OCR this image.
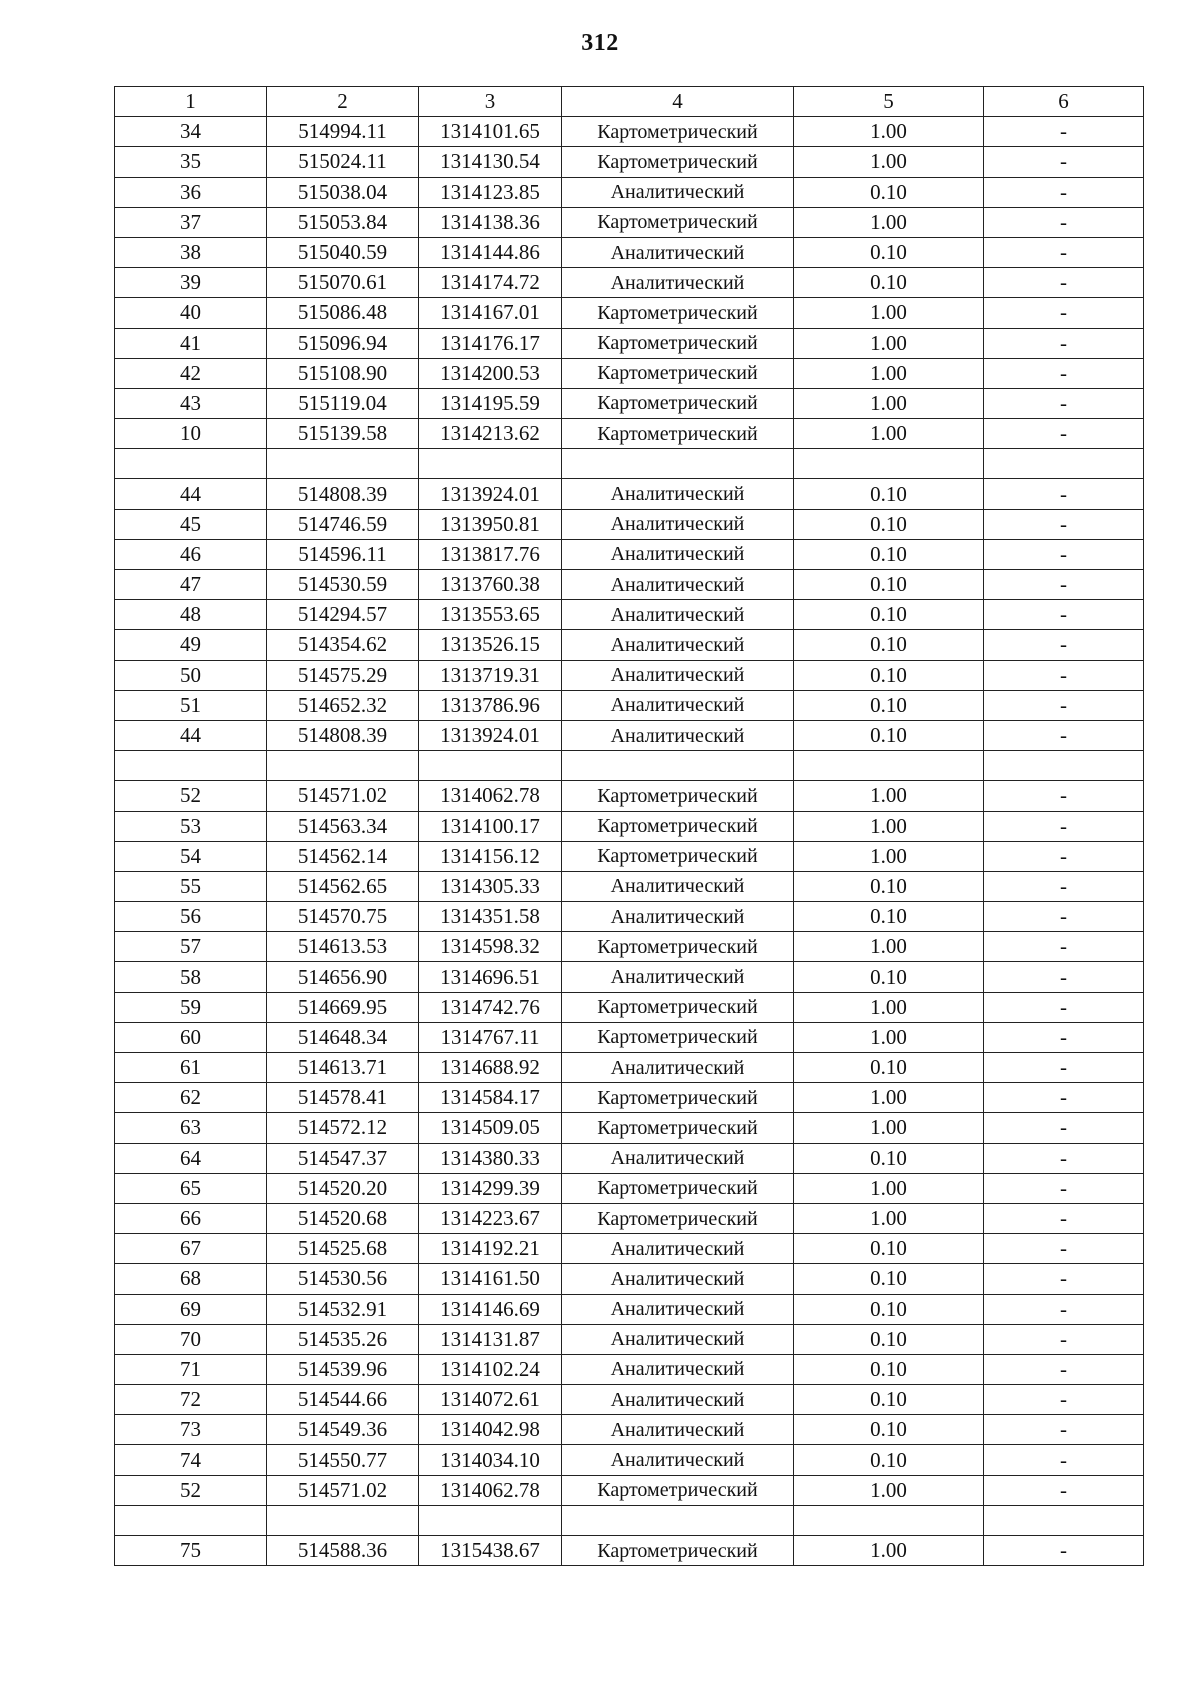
312
1	2	3	4	5	6
34	514994.11	1314101.65	Картометрический	1.00	-
35	515024.11	1314130.54	Картометрический	1.00	-
36	515038.04	1314123.85	Аналитический	0.10	-
37	515053.84	1314138.36	Картометрический	1.00	-
38	515040.59	1314144.86	Аналитический	0.10	-
39	515070.61	1314174.72	Аналитический	0.10	-
40	515086.48	1314167.01	Картометрический	1.00	-
41	515096.94	1314176.17	Картометрический	1.00	-
42	515108.90	1314200.53	Картометрический	1.00	-
43	515119.04	1314195.59	Картометрический	1.00	-
10	515139.58	1314213.62	Картометрический	1.00	-

44	514808.39	1313924.01	Аналитический	0.10	-
45	514746.59	1313950.81	Аналитический	0.10	-
46	514596.11	1313817.76	Аналитический	0.10	-
47	514530.59	1313760.38	Аналитический	0.10	-
48	514294.57	1313553.65	Аналитический	0.10	-
49	514354.62	1313526.15	Аналитический	0.10	-
50	514575.29	1313719.31	Аналитический	0.10	-
51	514652.32	1313786.96	Аналитический	0.10	-
44	514808.39	1313924.01	Аналитический	0.10	-

52	514571.02	1314062.78	Картометрический	1.00	-
53	514563.34	1314100.17	Картометрический	1.00	-
54	514562.14	1314156.12	Картометрический	1.00	-
55	514562.65	1314305.33	Аналитический	0.10	-
56	514570.75	1314351.58	Аналитический	0.10	-
57	514613.53	1314598.32	Картометрический	1.00	-
58	514656.90	1314696.51	Аналитический	0.10	-
59	514669.95	1314742.76	Картометрический	1.00	-
60	514648.34	1314767.11	Картометрический	1.00	-
61	514613.71	1314688.92	Аналитический	0.10	-
62	514578.41	1314584.17	Картометрический	1.00	-
63	514572.12	1314509.05	Картометрический	1.00	-
64	514547.37	1314380.33	Аналитический	0.10	-
65	514520.20	1314299.39	Картометрический	1.00	-
66	514520.68	1314223.67	Картометрический	1.00	-
67	514525.68	1314192.21	Аналитический	0.10	-
68	514530.56	1314161.50	Аналитический	0.10	-
69	514532.91	1314146.69	Аналитический	0.10	-
70	514535.26	1314131.87	Аналитический	0.10	-
71	514539.96	1314102.24	Аналитический	0.10	-
72	514544.66	1314072.61	Аналитический	0.10	-
73	514549.36	1314042.98	Аналитический	0.10	-
74	514550.77	1314034.10	Аналитический	0.10	-
52	514571.02	1314062.78	Картометрический	1.00	-

75	514588.36	1315438.67	Картометрический	1.00	-
